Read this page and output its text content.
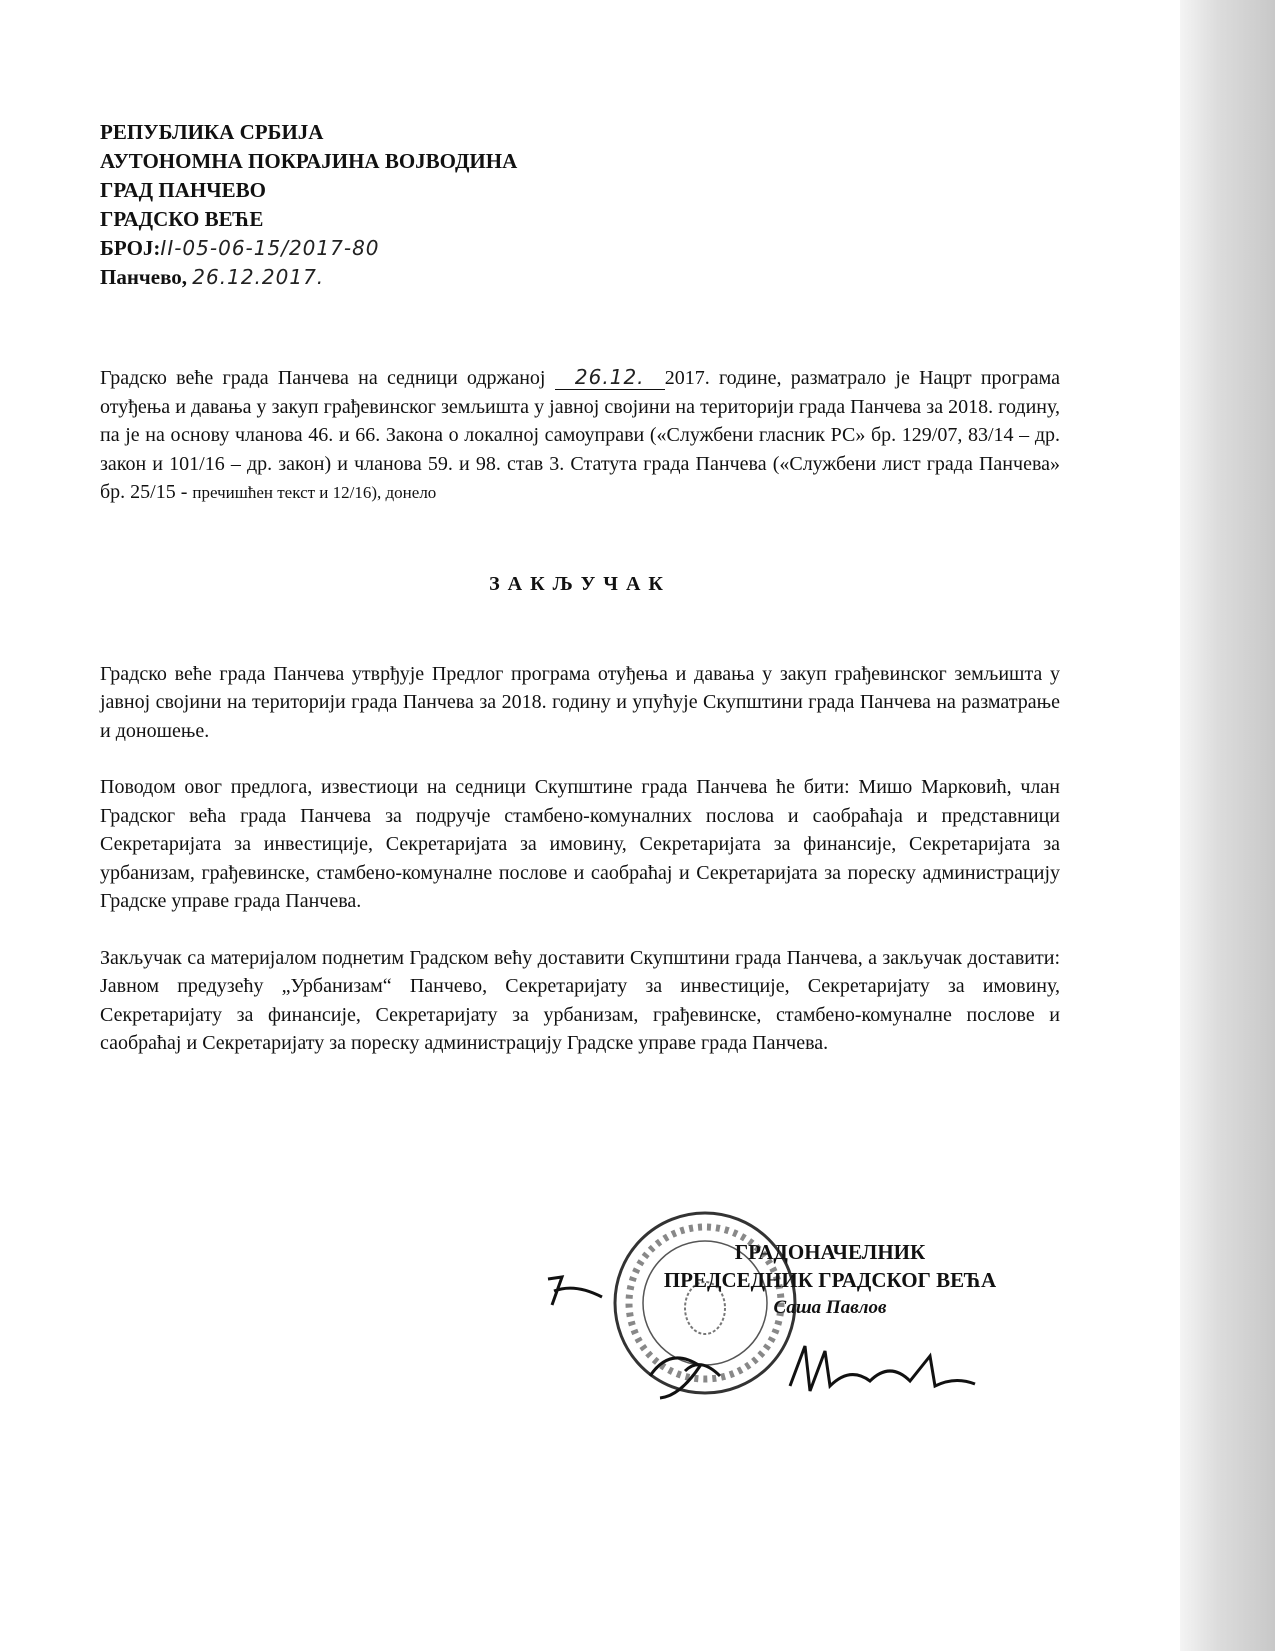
РЕПУБЛИКА СРБИЈА
АУТОНОМНА ПОКРАЈИНА ВОЈВОДИНА
ГРАД ПАНЧЕВО
ГРАДСКО ВЕЋЕ
БРОЈ:II-05-06-15/2017-80
Панчево, 26.12.2017.

Градско веће града Панчева на седници одржаној 26.12. 2017. године, разматрало је Нацрт програма отуђења и давања у закуп грађевинског земљишта у јавној својини на територији града Панчева за 2018. годину, па је на основу чланова 46. и 66. Закона о локалној самоуправи («Службени гласник РС» бр. 129/07, 83/14 – др. закон и 101/16 – др. закон) и чланова 59. и 98. став 3. Статута града Панчева («Службени лист града Панчева» бр. 25/15 - пречишћен текст и 12/16), донело

ЗАКЉУЧАК

Градско веће града Панчева утврђује Предлог програма отуђења и давања у закуп грађевинског земљишта у јавној својини на територији града Панчева за 2018. годину и упућује Скупштини града Панчева на разматрање и доношење.

Поводом овог предлога, известиоци на седници Скупштине града Панчева ће бити: Мишо Марковић, члан Градског већа града Панчева за подручје стамбено-комуналних послова и саобраћаја и представници Секретаријата за инвестиције, Секретаријата за имовину, Секретаријата за финансије, Секретаријата за урбанизам, грађевинске, стамбено-комуналне послове и саобраћај и Секретаријата за пореску администрацију Градске управе града Панчева.

Закључак са материјалом поднетим Градском већу доставити Скупштини града Панчева, а закључак доставити: Јавном предузећу „Урбанизам“ Панчево, Секретаријату за инвестиције, Секретаријату за имовину, Секретаријату за финансије, Секретаријату за урбанизам, грађевинске, стамбено-комуналне послове и саобраћај и Секретаријату за пореску администрацију Градске управе града Панчева.

ГРАДОНАЧЕЛНИК
ПРЕДСЕДНИК ГРАДСКОГ ВЕЋА
Саша Павлов
